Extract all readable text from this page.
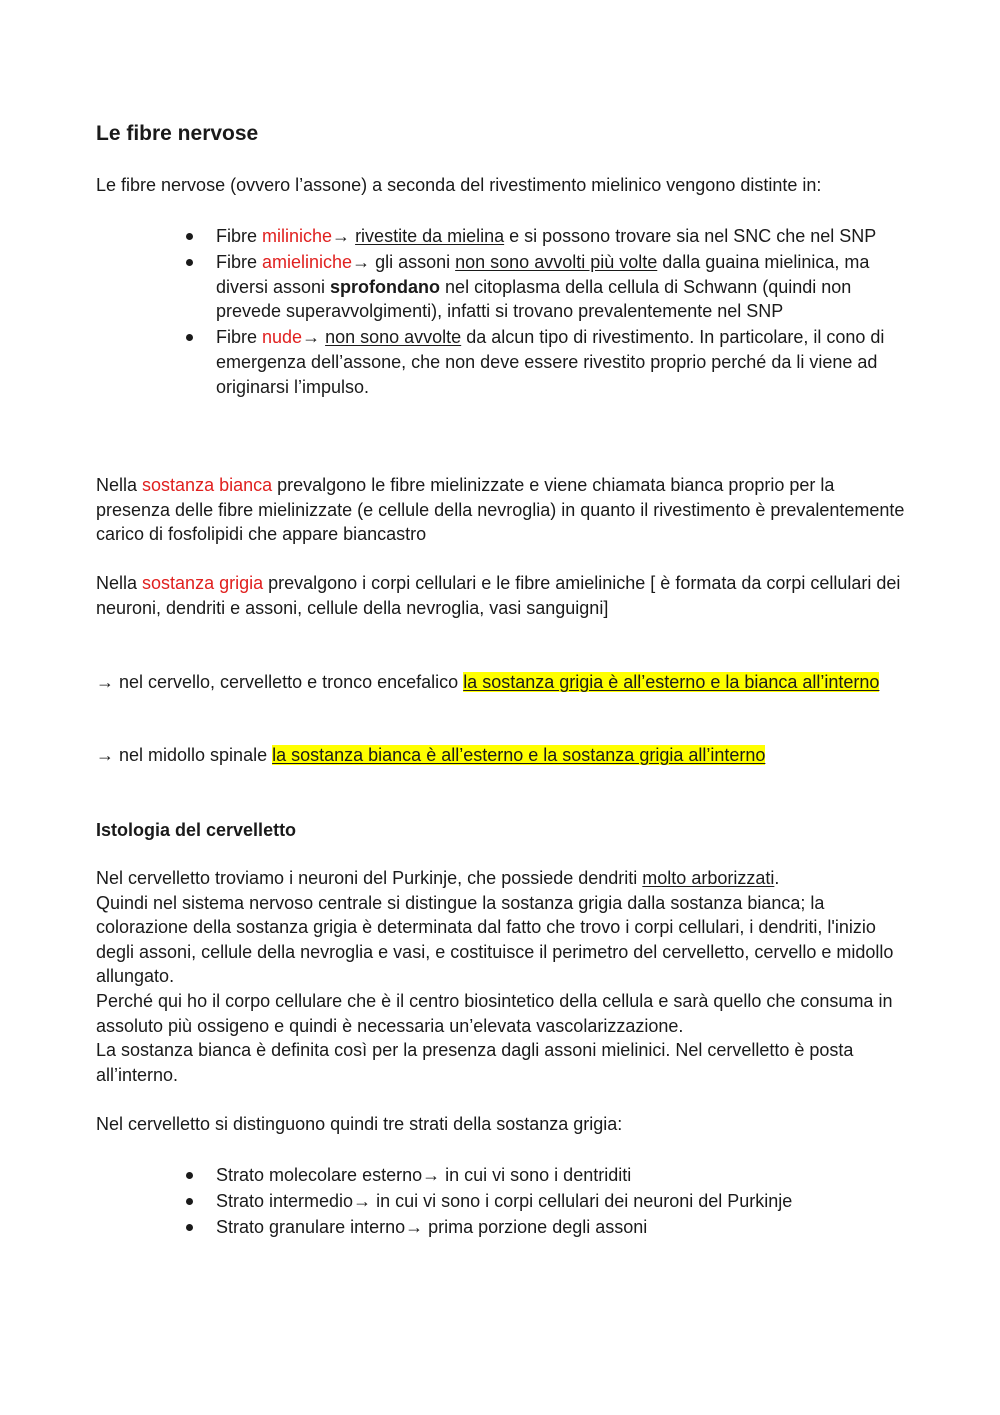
Le fibre nervose
Le fibre nervose (ovvero l’assone) a seconda del rivestimento mielinico vengono distinte in:
Fibre miliniche→ rivestite da mielina e si possono trovare sia nel SNC che nel SNP
Fibre amieliniche→ gli assoni non sono avvolti più volte dalla guaina mielinica, ma diversi assoni sprofondano nel citoplasma della cellula di Schwann (quindi non prevede superavvolgimenti), infatti si trovano prevalentemente nel SNP
Fibre nude→ non sono avvolte da alcun tipo di rivestimento. In particolare, il cono di emergenza dell’assone, che non deve essere rivestito proprio perché da li viene ad originarsi l’impulso.
Nella sostanza bianca prevalgono le fibre mielinizzate e viene chiamata bianca proprio per la presenza delle fibre mielinizzate (e cellule della nevroglia) in quanto il rivestimento è prevalentemente carico di fosfolipidi che appare biancastro
Nella sostanza grigia prevalgono i corpi cellulari e le fibre amieliniche [ è formata da corpi cellulari dei neuroni, dendriti e assoni, cellule della nevroglia, vasi sanguigni]
→ nel cervello, cervelletto e tronco encefalico la sostanza grigia è all’esterno e la bianca all’interno
→ nel midollo spinale la sostanza bianca è all’esterno e la sostanza grigia all’interno
Istologia del cervelletto

Nel cervelletto troviamo i neuroni del Purkinje, che possiede dendriti molto arborizzati.

Quindi nel sistema nervoso centrale si distingue la sostanza grigia dalla sostanza bianca; la colorazione della sostanza grigia è determinata dal fatto che trovo i corpi cellulari, i dendriti, l'inizio degli assoni, cellule della nevroglia e vasi, e costituisce il perimetro del cervelletto, cervello e midollo allungato.

Perché qui ho il corpo cellulare che è il centro biosintetico della cellula e sarà quello che consuma in assoluto più ossigeno e quindi è necessaria un’elevata vascolarizzazione.

La sostanza bianca è definita così per la presenza dagli assoni mielinici. Nel cervelletto è posta all’interno.

Nel cervelletto si distinguono quindi tre strati della sostanza grigia:
Strato molecolare esterno→ in cui vi sono i dentriditi
Strato intermedio→ in cui vi sono i corpi cellulari dei neuroni del Purkinje
Strato granulare interno→ prima porzione degli assoni
